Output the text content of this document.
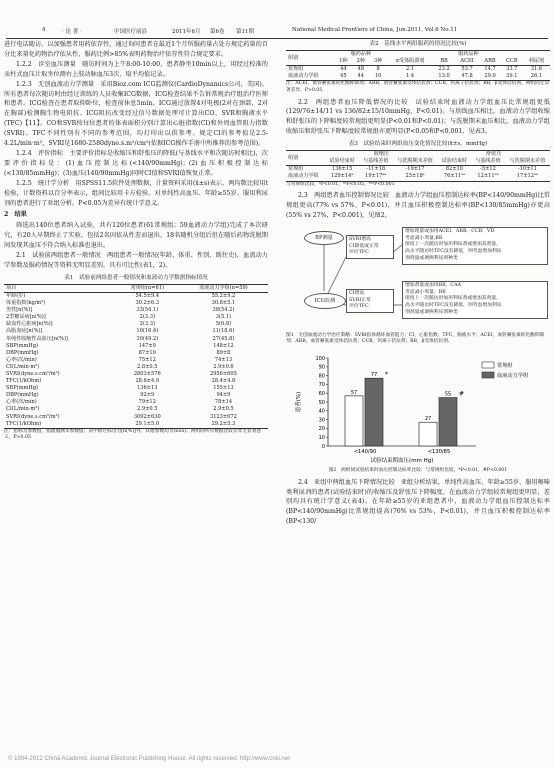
4	· 论 著 ·	中国医疗前沿	2011年6月 第6卷 第11期	National Medical Frontiers of China, Jun.2011, Vol.6 No.11

进行电话随访，以加强患者用药依存性。通过询问患者在最近1个月所服药量占处方规定药量的百分比来量化药物治疗依从性，服药比例>85%表明药物治疗依存性符合规定要求。

1.2.2　诊室血压测量　随访时间为上午8:00-10:00，患者静坐10min以上，用经过校准的汞柱式血压计取坐位测右上肢动脉血压3次，取平均值记录。

1.2.3　无创血流动力学测量　采用Bioz.com ICG监测仪(CardioDynamics公司，美国)。所有患者每次随访时由经过训练的人员收集ICG数据，ICG检查结果不告诉常规治疗组治疗医师和患者。ICG检查在患者取仰卧位，检查前休息5min。ICG通过放置4对电极(2对在颈部，2对在胸部)检测胸生物电阻抗。ICG阻抗改变经过信号数据处理可计算出CO、SVR和胸液水平(TFC)【11】。CO和SVR按每位患者的体表面积分别计算出心脏指数(CI)和外周血管阻力指数(SVRI)。TFC不同性别有不同的参考范围，均打印出以供参考。规定CI的参考值是2.5-4.2L/min·m²，SVRI是1680-2580dyne.s.m²/cm⁵(依据ICG操作手册中所推荐的参考范围)。

1.2.4　评价指标　主要评价指标是收缩压和舒张压的降低(与基线水平和次随访时相比)，次要评价指标是：(1)血压控制达标(<140/90mmHg)；(2)血压积极控制达标(<130/85mmHg)；(3)血压(140/90mmHg)同时CI值和SVRI值恢复正常。

1.2.5　统计学分析　用SPSS11.5软件处理数据，计量资料采用(x̄±s)表示，两均数比较用t检验，计数资料以百分率表示，组间比较用卡方检验。对单纯性高血压、年龄≥55岁、服用利尿剂的患者进行了亚组分析。P<0.05为差异有统计学意义。

2　结果

筛选出140位患者纳入试验，共有120位患者(61常规组；59血液动力学组)完成了本次研究，有20人早期终止了实验，包括2名因依从性差而退出，18名随机分组后但在随后药物洗脱期间发现其血压不符合纳入标准也退出。

2.1　试验前两组患者一般情况　两组患者一般情况(年龄、体重、性别、既往史)，血流动力学参数及服药情况等资料无明显差别，具有可比性(表1，2)。

表1　试验前两组患者一般情况和血液动力学数据指标情况
项目	常规组(n=61)	血液动力学组(n=59)
年龄(岁)	54.5±9.4	55.2±9.2
体重指数(kg/m²)	30.2±6.3	30.8±5.1
男性[n(%)]	33(54.1)	38(54.2)
2型糖尿病[n(%)]	2(3.3)	3(5.1)
缺血性心脏病[n(%)]	2(3.3)	5(6.8)
高脂血症[n(%)]	10(16.4)	11(18.6)
单纯性收缩性高血压[n(%)]	30(49.2)	27(45.8)
SBP(mmHg)	147±9	148±12
DBP(mmHg)	87±10	89±8
心率(次/min)	75±12	74±13
CI(L/min·m²)	2.8±0.5	2.9±0.6
SVRI(dyne.s.cm⁵/m²)	2803±576	2956±605
TFC(1/kOhm)	28.6±4.9	28.4±4.8
SBP(mmHg)	136±13	155±13
DBP(mmHg)	92±9	94±9
心率(次/min)	79±12	78±14
CI(L/min·m²)	2.9±0.5	2.9±0.5
SVRI(dyne.s.cm⁵/m²)	3092±630	3123±672
TFC(1/kOhm)	29.1±5.0	29.2±5.3
注：指标为参数值，指流服测未参数值；表中除过标出为[n(%)]外，其他参数均为(x̄±s)。两组间所有数据比较差异无显著意义，P>0.05
表2　基线水平两组服药的情况比较(%)
组别	服药品种			服药品种					
	1种	2种	3种	α受体阻滞剂	BB	ACEI	ARB	CCB	利尿剂
常规组	44	48	8	2.1	23.2	53.7	14.7	33.7	31.6
血液动力学组	45	44	10	1.4	13.0	47.8	29.0	39.1	26.1
注：ACEI，血管紧张素转化酶抑制剂；ARB，血管紧张素受体拮抗剂；CCB，钙离子拮抗剂；BB，β受体拮抗剂。两组间无显著差异，P>0.05

2.2　两组患者血压降低情况的比较　试验结束时血液动力学组血压比常规组更低(129/76±14/11 vs 136/82±15/10mmHg，P<0.01)。与基线血压相比，血液动力学组收缩和舒张压的下降幅度较常规组更明显(P<0.01和P<0.01)；与洗脱期末血压相比，血液动力学组收缩压和舒张压下降幅度较常规组亦更明显(P<0.05和P<0.001，见表3。

表3　试验结束时两组血压变化情况比较(x̄±s，mmHg)
组别	收缩压			舒张压		
	试验结束时	与基线差值	与洗脱期末差值	试验结束时	与基线差值	与洗脱期末差值
常规组	136±15	-11±18	-19±17	82±10	-5±12	-10±11
血液动力学组	129±14ᵃ	19±17ᵃᵃ	25±18ᵃ	76±11ᵃᵃ	12±11ᵃᵃ	17±12ᵃᵃ
与常规组比较，ᵃP<0.01，ᵃᵃP<0.05，ᵃᵃᵃP<0.001

2.3　两组患者血压控制情况比较　血液动力学组血压控制达标率(BP<140/90mmHg)比常规组更高(77% vs 57%，P<0.01)，并且血压积极控制达标率(BP<130/85mmHg)亦更高(55% vs 27%，P<0.001)，见图2。

BP测量
ICG监测
SVRI增高
CI降低或正常
评价TFC
增加现量或加用ACEI、ARB、CCB、VD
考虑减小剂量,BB
保留上一次随访时加用利尿剂或增加其剂量，
高水平随访时TFC没有降低，则考虑增加利尿
剂剂量或调换利尿剂种类
CI增高
SVRI正常
评价TFC
增加剂量或加用BB，CAA
考虑减小剂量，BB
保留上一次随访时加用利尿剂或增加其剂量，
高水平随访时TFC没有降低，则考虑增加利尿
剂剂量或调换利尿剂种类
图1　无创血流动力学治疗策略：SVRI指体循环血管阻力；CI，心脏指数；TFC，胸液水平；ACEI，血管紧张素转化酶抑制剂；ARB，血管紧张素受体拮抗剂；CCB，钙离子拮抗剂；BB，β受体拮抗剂。
0
10
20
30
40
50
60
70
80
90
100
患者(%)	57
77 *
<140/90
27
55 #
<130/85
试验结束期血压(mm Hg)
常规组
血液动力学组
图2　两组间试验结束时血压控制达标率比较：与常规组比较，*P<0.01，#P<0.001

2.4　亚组中两组血压下降情况比较　亚组分析结果，单纯性高血压、年龄≥55岁、服用噻嗪类利尿剂的患者(试验结束时)的收缩压及舒张压下降幅度，在血流动力学组较常规组更明显，差别均具有统计学意义(表4)。在年龄≥55岁的亚组患者中，血液动力学组血压控制达标率(BP<140/90mmHg)比常规组提高(76% vs 53%，P<0.01)，并且血压积极控制达标率(BP<130/

© 1994-2012 China Academic Journal Electronic Publishing House. All rights reserved. http://www.cnki.net
